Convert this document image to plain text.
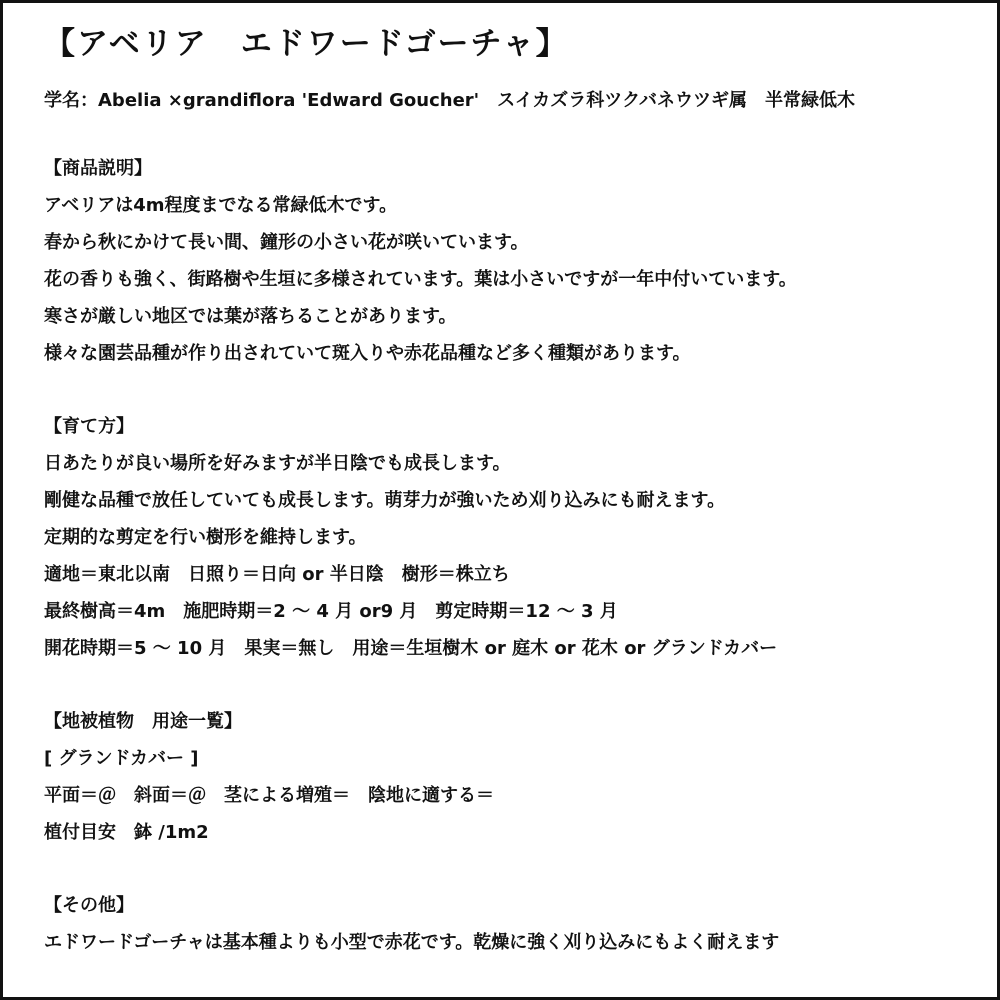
【アベリア　エドワードゴーチャ】
学名：Abelia ×grandiflora 'Edward Goucher'　スイカズラ科ツクバネウツギ属　半常緑低木
【商品説明】
アベリアは4m程度までなる常緑低木です。
春から秋にかけて長い間、鐘形の小さい花が咲いています。
花の香りも強く、街路樹や生垣に多様されています。葉は小さいですが一年中付いています。
寒さが厳しい地区では葉が落ちることがあります。
様々な園芸品種が作り出されていて斑入りや赤花品種など多く種類があります。
【育て方】
日あたりが良い場所を好みますが半日陰でも成長します。
剛健な品種で放任していても成長します。萌芽力が強いため刈り込みにも耐えます。
定期的な剪定を行い樹形を維持します。
適地＝東北以南　日照り＝日向 or 半日陰　樹形＝株立ち
最終樹高＝4m　施肥時期＝2 ～ 4 月 or9 月　剪定時期＝12 ～ 3 月
開花時期＝5 ～ 10 月　果実＝無し　用途＝生垣樹木 or 庭木 or 花木 or グランドカバー
【地被植物　用途一覧】
[ グランドカバー ]
平面＝＠　斜面＝＠　茎による増殖＝　陰地に適する＝
植付目安　鉢 /1m2
【その他】
エドワードゴーチャは基本種よりも小型で赤花です。乾燥に強く刈り込みにもよく耐えます
